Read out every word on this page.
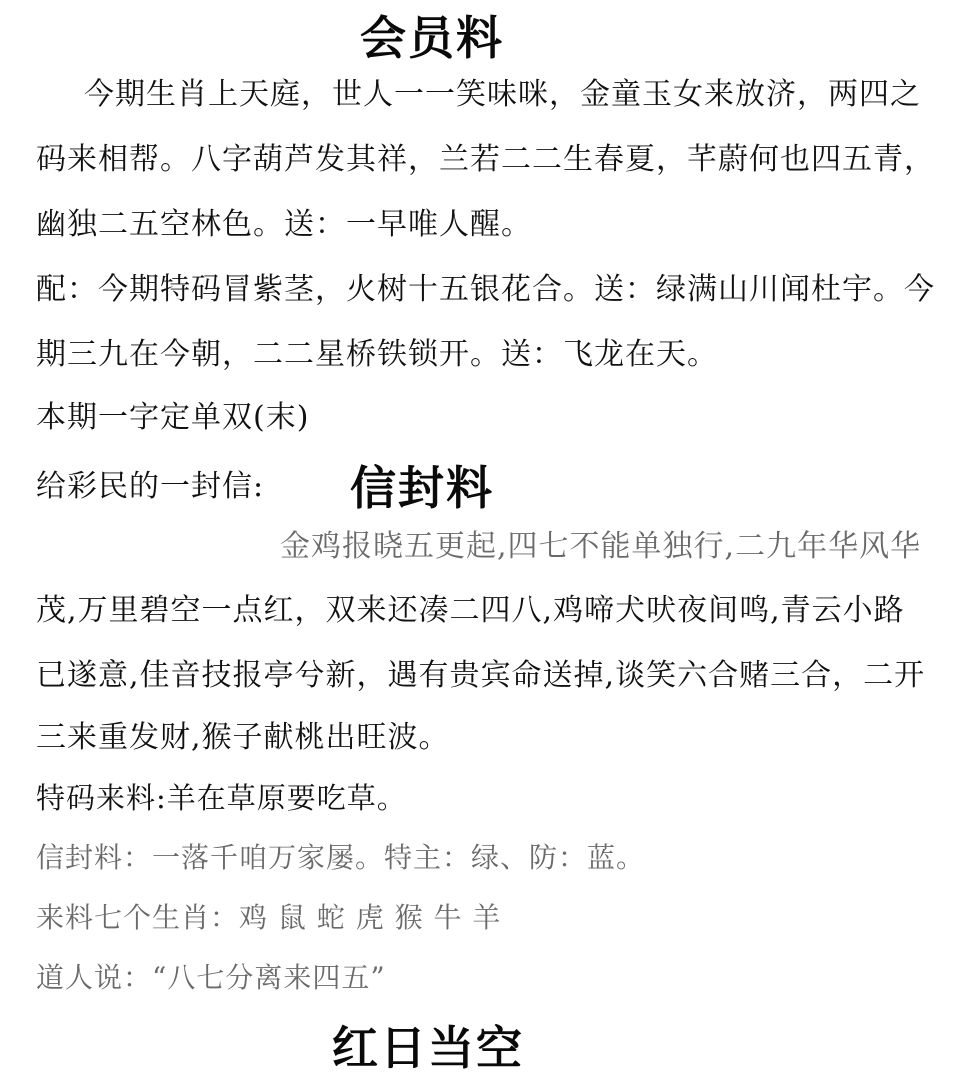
会员料
今期生肖上天庭，世人一一笑味咪，金童玉女来放济，两四之
码来相帮。八字葫芦发其祥，兰若二二生春夏，芊蔚何也四五青，
幽独二五空林色。送：一早唯人醒。
配：今期特码冒紫茎，火树十五银花合。送：绿满山川闻杜宇。今
期三九在今朝，二二星桥铁锁开。送：飞龙在天。
本期一字定单双(末)
给彩民的一封信: 信封料
金鸡报晓五更起,四七不能单独行,二九年华风华
茂,万里碧空一点红，双来还凑二四八,鸡啼犬吠夜间鸣,青云小路
已遂意,佳音技报亭兮新，遇有贵宾命送掉,谈笑六合赌三合，二开
三来重发财,猴子献桃出旺波。
特码来料:羊在草原要吃草。
信封料：一落千咱万家屡。特主：绿、防：蓝。
来料七个生肖：鸡 鼠 蛇 虎 猴 牛 羊
道人说：“八七分离来四五”
红日当空
